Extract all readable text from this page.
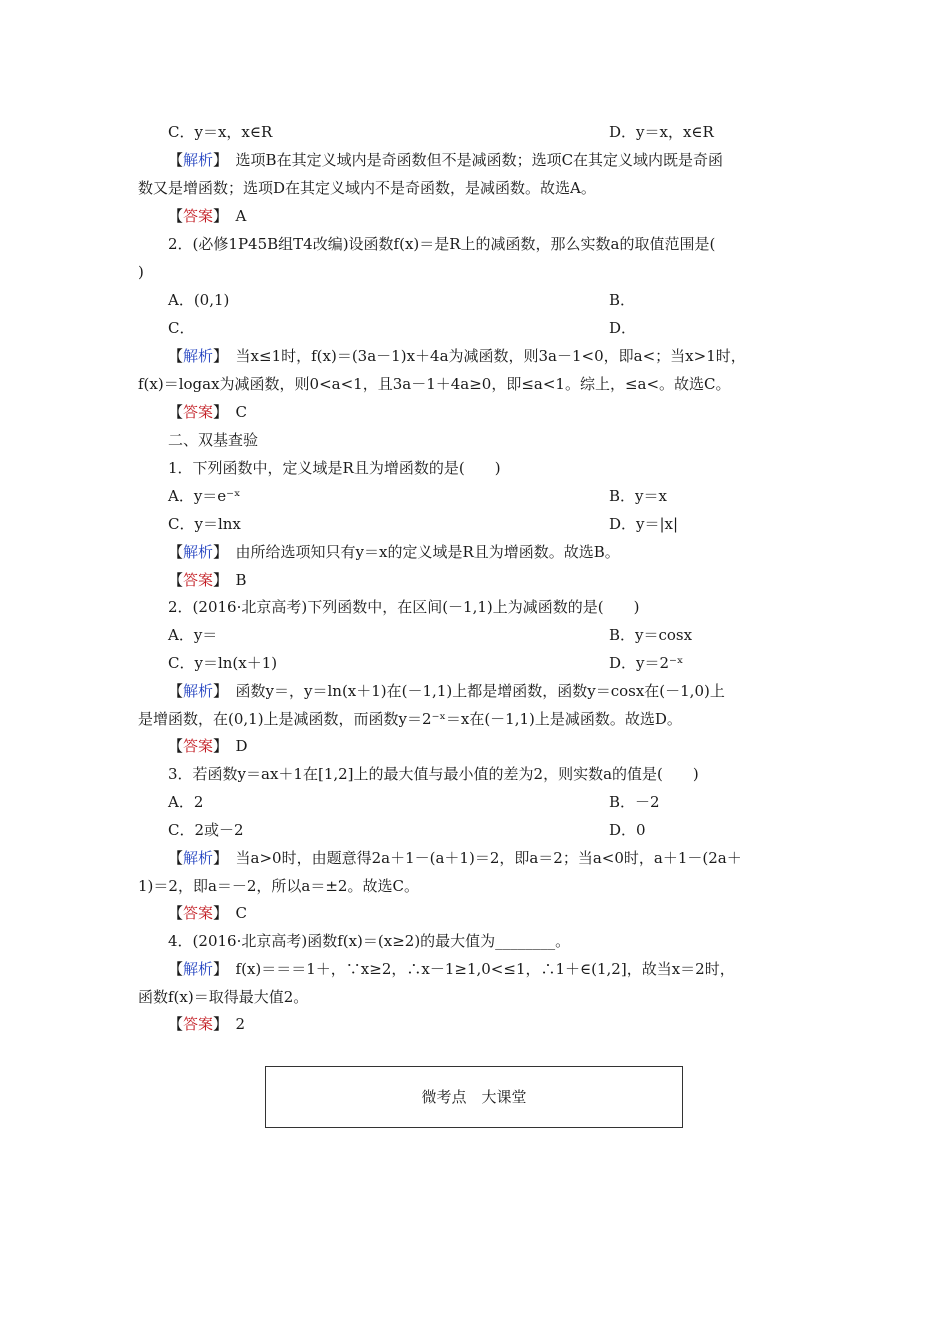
C．y＝x，x∈R
【解析】　选项B在其定义域内是奇函数但不是减函数；选项C在其定义域内既是奇函
数又是增函数；选项D在其定义域内不是奇函数，是减函数。故选A。
【答案】　A
2．(必修1P45B组T4改编)设函数f(x)＝是R上的减函数，那么实数a的取值范围是(
)
A．(0,1)
C．
【解析】　当x≤1时，f(x)＝(3a－1)x＋4a为减函数，则3a－1<0，即a<；当x>1时，
f(x)＝logax为减函数，则0<a<1，且3a－1＋4a≥0，即≤a<1。综上，≤a<。故选C。
【答案】　C
二、双基查验
1．下列函数中，定义域是R且为增函数的是(　　)
A．y＝e⁻ˣ
C．y＝lnx
【解析】　由所给选项知只有y＝x的定义域是R且为增函数。故选B。
【答案】　B
2．(2016·北京高考)下列函数中，在区间(－1,1)上为减函数的是(　　)
A．y＝
C．y＝ln(x＋1)
【解析】　函数y＝，y＝ln(x＋1)在(－1,1)上都是增函数，函数y＝cosx在(－1,0)上
是增函数，在(0,1)上是减函数，而函数y＝2⁻ˣ＝x在(－1,1)上是减函数。故选D。
【答案】　D
3．若函数y＝ax＋1在[1,2]上的最大值与最小值的差为2，则实数a的值是(　　)
A．2
C．2或－2
【解析】　当a>0时，由题意得2a＋1－(a＋1)＝2，即a＝2；当a<0时，a＋1－(2a＋
1)＝2，即a＝－2，所以a＝±2。故选C。
【答案】　C
4．(2016·北京高考)函数f(x)＝(x≥2)的最大值为________。
【解析】　f(x)＝＝＝1＋，∵x≥2，∴x－1≥1,0<≤1，∴1＋∈(1,2]，故当x＝2时，
函数f(x)＝取得最大值2。
【答案】　2
D．y＝x，x∈R
B．
D．
B．y＝x
D．y＝|x|
B．y＝cosx
D．y＝2⁻ˣ
B．－2
D．0
微考点　大课堂
